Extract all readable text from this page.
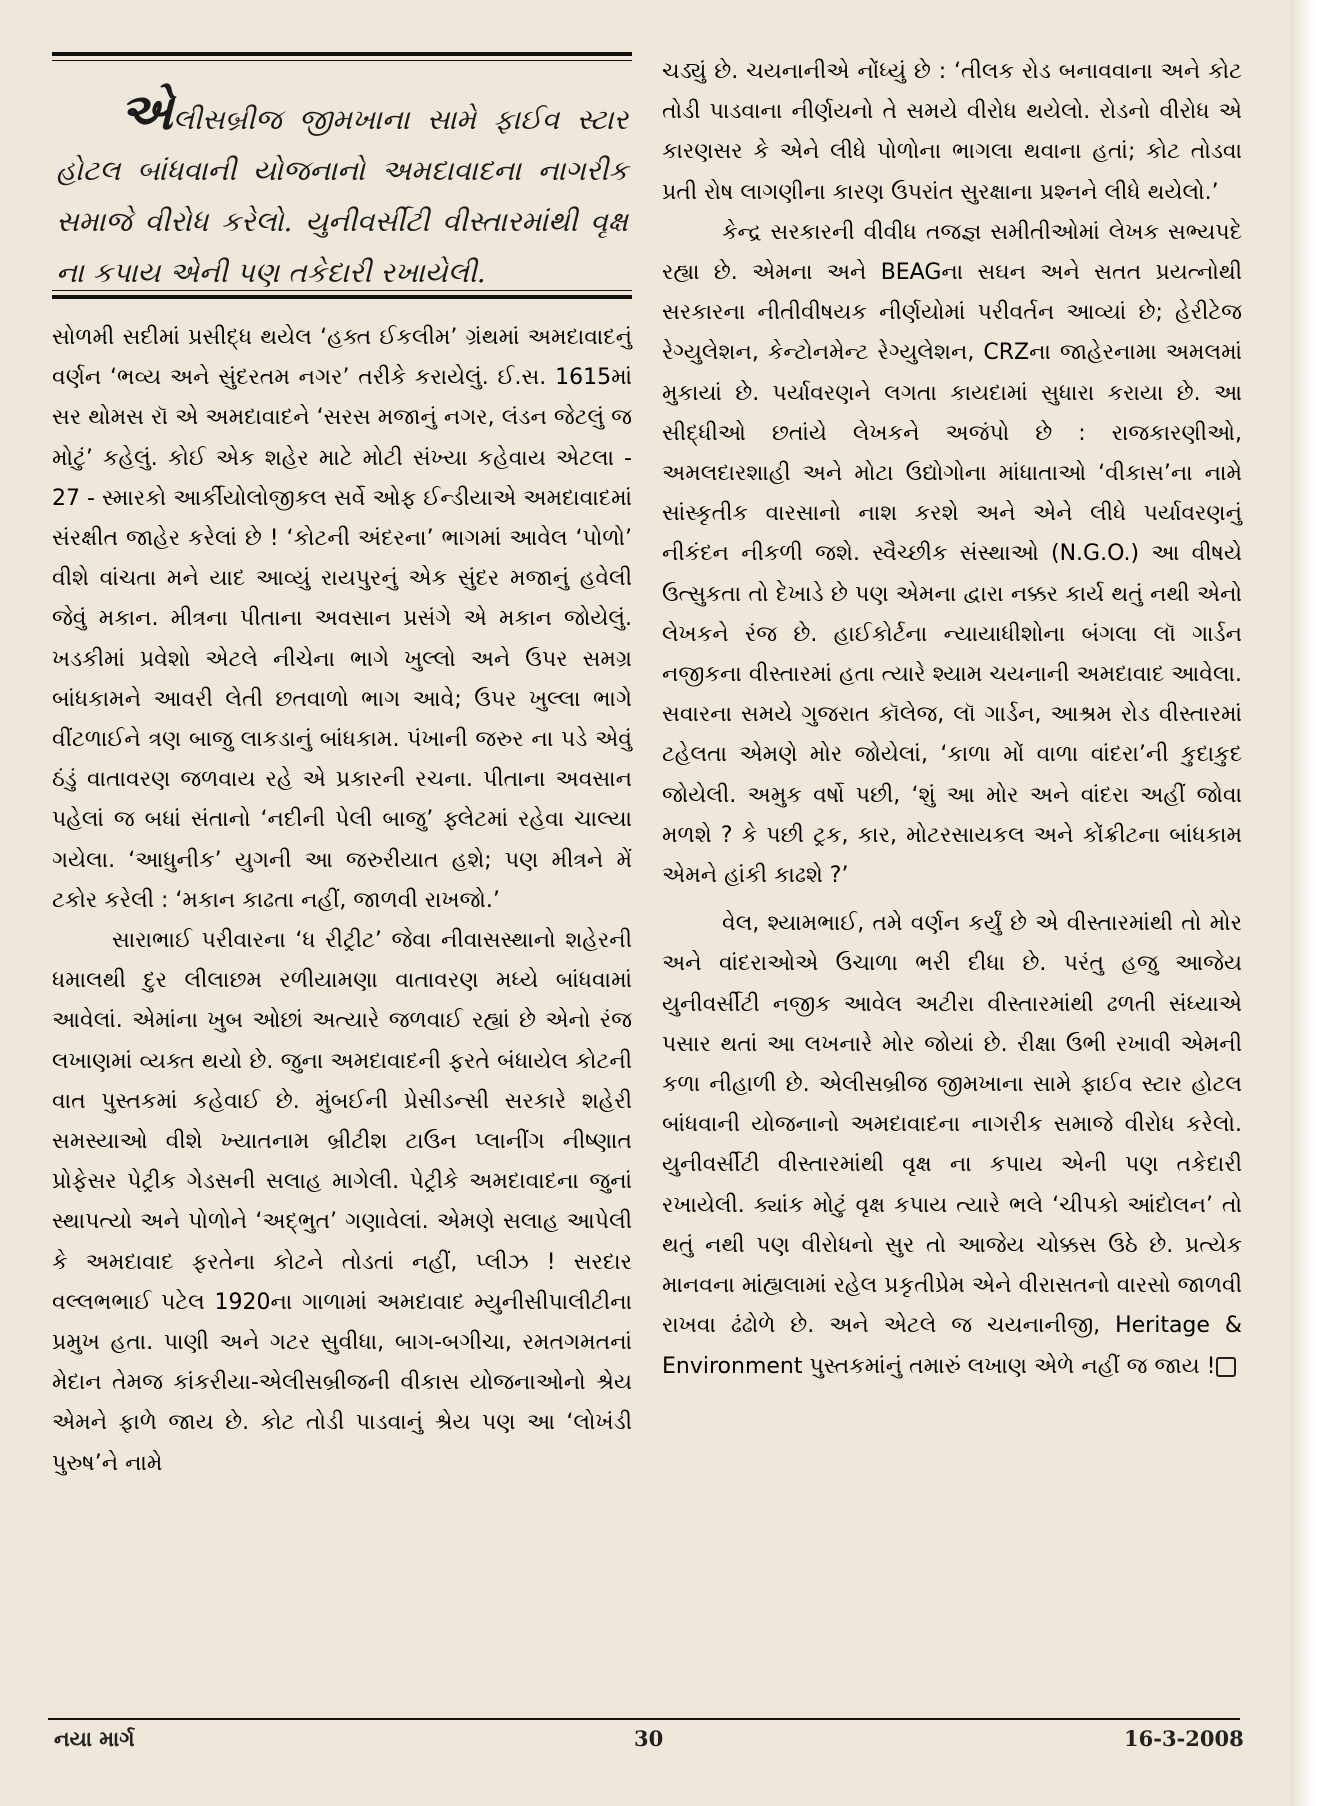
એલીસબ્રીજ જીમખાના સામે ફાઈવ સ્ટાર હોટલ બાંધવાની યોજનાનો અમદાવાદના નાગરીક સમાજે વીરોધ કરેલો. યુનીવર્સીટી વીસ્તારમાંથી વૃક્ષ ના કપાય એની પણ તકેદારી રખાયેલી.

સોળમી સદીમાં પ્રસીદ્ધ થયેલ ‘હક્ત ઈકલીમ’ ગ્રંથમાં અમદાવાદનું વર્ણન ‘ભવ્ય અને સુંદરતમ નગર’ તરીકે કરાયેલું. ઈ.સ. 1615માં સર થોમસ રૉ એ અમદાવાદને ‘સરસ મજાનું નગર, લંડન જેટલું જ મોટું’ કહેલું. કોઈ એક શહેર માટે મોટી સંખ્યા કહેવાય એટલા - 27 - સ્મારકો આર્કીયોલોજીકલ સર્વે ઓફ ઈન્ડીયાએ અમદાવાદમાં સંરક્ષીત જાહેર કરેલાં છે ! ‘કોટની અંદરના’ ભાગમાં આવેલ ‘પોળો’ વીશે વાંચતા મને યાદ આવ્યું રાયપુરનું એક સુંદર મજાનું હવેલી જેવું મકાન. મીત્રના પીતાના અવસાન પ્રસંગે એ મકાન જોયેલું. ખડકીમાં પ્રવેશો એટલે નીચેના ભાગે ખુલ્લો અને ઉપર સમગ્ર બાંધકામને આવરી લેતી છતવાળો ભાગ આવે; ઉપર ખુલ્લા ભાગે વીંટળાઈને ત્રણ બાજુ લાકડાનું બાંધકામ. પંખાની જરુર ના પડે એવું ઠંડું વાતાવરણ જળવાય રહે એ પ્રકારની રચના. પીતાના અવસાન પહેલાં જ બધાં સંતાનો ‘નદીની પેલી બાજુ’ ફ્લેટમાં રહેવા ચાલ્યા ગયેલા. ‘આધુનીક’ યુગની આ જરુરીયાત હશે; પણ મીત્રને મેં ટકોર કરેલી : ‘મકાન કાઢતા નહીં, જાળવી રાખજો.’

સારાભાઈ પરીવારના ‘ધ રીટ્રીટ’ જેવા નીવાસસ્થાનો શહેરની ધમાલથી દુર લીલાછમ રળીયામણા વાતાવરણ મધ્યે બાંધવામાં આવેલાં. એમાંના ખુબ ઓછાં અત્યારે જળવાઈ રહ્યાં છે એનો રંજ લખાણમાં વ્યક્ત થયો છે. જુના અમદાવાદની ફરતે બંધાયેલ કોટની વાત પુસ્તકમાં કહેવાઈ છે. મુંબઈની પ્રેસીડન્સી સરકારે શહેરી સમસ્યાઓ વીશે ખ્યાતનામ બ્રીટીશ ટાઉન પ્લાનીંગ નીષ્ણાત પ્રોફેસર પેટ્રીક ગેડસની સલાહ માગેલી. પેટ્રીકે અમદાવાદના જુનાં સ્થાપત્યો અને પોળોને ‘અદ્‌ભુત’ ગણાવેલાં. એમણે સલાહ આપેલી કે અમદાવાદ ફરતેના કોટને તોડતાં નહીં, પ્લીઝ ! સરદાર વલ્લભભાઈ પટેલ 1920ના ગાળામાં અમદાવાદ મ્યુનીસીપાલીટીના પ્રમુખ હતા. પાણી અને ગટર સુવીધા, બાગ-બગીચા, રમતગમતનાં મેદાન તેમજ કાંકરીયા-એલીસબ્રીજની વીકાસ યોજનાઓનો શ્રેય એમને ફાળે જાય છે. કોટ તોડી પાડવાનું શ્રેય પણ આ ‘લોખંડી પુરુષ’ને નામે

ચડ્યું છે. ચયનાનીએ નોંધ્યું છે : ‘તીલક રોડ બનાવવાના અને કોટ તોડી પાડવાના નીર્ણયનો તે સમયે વીરોધ થયેલો. રોડનો વીરોધ એ કારણસર કે એને લીધે પોળોના ભાગલા થવાના હતાં; કોટ તોડવા પ્રતી રોષ લાગણીના કારણ ઉપરાંત સુરક્ષાના પ્રશ્નને લીધે થયેલો.’

કેન્દ્ર સરકારની વીવીધ તજજ્ઞ સમીતીઓમાં લેખક સભ્યપદે રહ્યા છે. એમના અને BEAGના સઘન અને સતત પ્રયત્નોથી સરકારના નીતીવીષયક નીર્ણયોમાં પરીવર્તન આવ્યાં છે; હેરીટેજ રેગ્યુલેશન, કેન્ટોનમેન્ટ રેગ્યુલેશન, CRZના જાહેરનામા અમલમાં મુકાયાં છે. પર્યાવરણને લગતા કાયદામાં સુધારા કરાયા છે. આ સીદ્ધીઓ છતાંયે લેખકને અજંપો છે : રાજકારણીઓ, અમલદારશાહી અને મોટા ઉદ્યોગોના માંધાતાઓ ‘વીકાસ’ના નામે સાંસ્કૃતીક વારસાનો નાશ કરશે અને એને લીધે પર્યાવરણનું નીકંદન નીકળી જશે. સ્વૈચ્છીક સંસ્થાઓ (N.G.O.) આ વીષયે ઉત્સુકતા તો દેખાડે છે પણ એમના દ્વારા નક્કર કાર્ય થતું નથી એનો લેખકને રંજ છે. હાઈકોર્ટના ન્યાયાધીશોના બંગલા લૉ ગાર્ડન નજીકના વીસ્તારમાં હતા ત્યારે શ્યામ ચયનાની અમદાવાદ આવેલા. સવારના સમયે ગુજરાત કૉલેજ, લૉ ગાર્ડન, આશ્રમ રોડ વીસ્તારમાં ટહેલતા એમણે મોર જોયેલાં, ‘કાળા મોં વાળા વાંદરા’ની કુદાકુદ જોયેલી. અમુક વર્ષો પછી, ‘શું આ મોર અને વાંદરા અહીં જોવા મળશે ? કે પછી ટ્રક, કાર, મોટરસાયકલ અને કોંક્રીટના બાંધકામ એમને હાંકી કાઢશે ?’

વેલ, શ્યામભાઈ, તમે વર્ણન કર્યું છે એ વીસ્તારમાંથી તો મોર અને વાંદરાઓએ ઉચાળા ભરી દીધા છે. પરંતુ હજુ આજેય યુનીવર્સીટી નજીક આવેલ અટીરા વીસ્તારમાંથી ઢળતી સંધ્યાએ પસાર થતાં આ લખનારે મોર જોયાં છે. રીક્ષા ઉભી રખાવી એમની કળા નીહાળી છે. એલીસબ્રીજ જીમખાના સામે ફાઈવ સ્ટાર હોટલ બાંધવાની યોજનાનો અમદાવાદના નાગરીક સમાજે વીરોધ કરેલો. યુનીવર્સીટી વીસ્તારમાંથી વૃક્ષ ના કપાય એની પણ તકેદારી રખાયેલી. ક્યાંક મોટું વૃક્ષ કપાય ત્યારે ભલે ‘ચીપકો આંદોલન’ તો થતું નથી પણ વીરોધનો સુર તો આજેય ચોક્કસ ઉઠે છે. પ્રત્યેક માનવના માંહ્યલામાં રહેલ પ્રકૃતીપ્રેમ એને વીરાસતનો વારસો જાળવી રાખવા ઢંઢોળે છે. અને એટલે જ ચયનાનીજી, Heritage & Environment પુસ્તકમાંનું તમારું લખાણ એળે નહીં જ જાય !

નયા માર્ગ	30	16-3-2008
